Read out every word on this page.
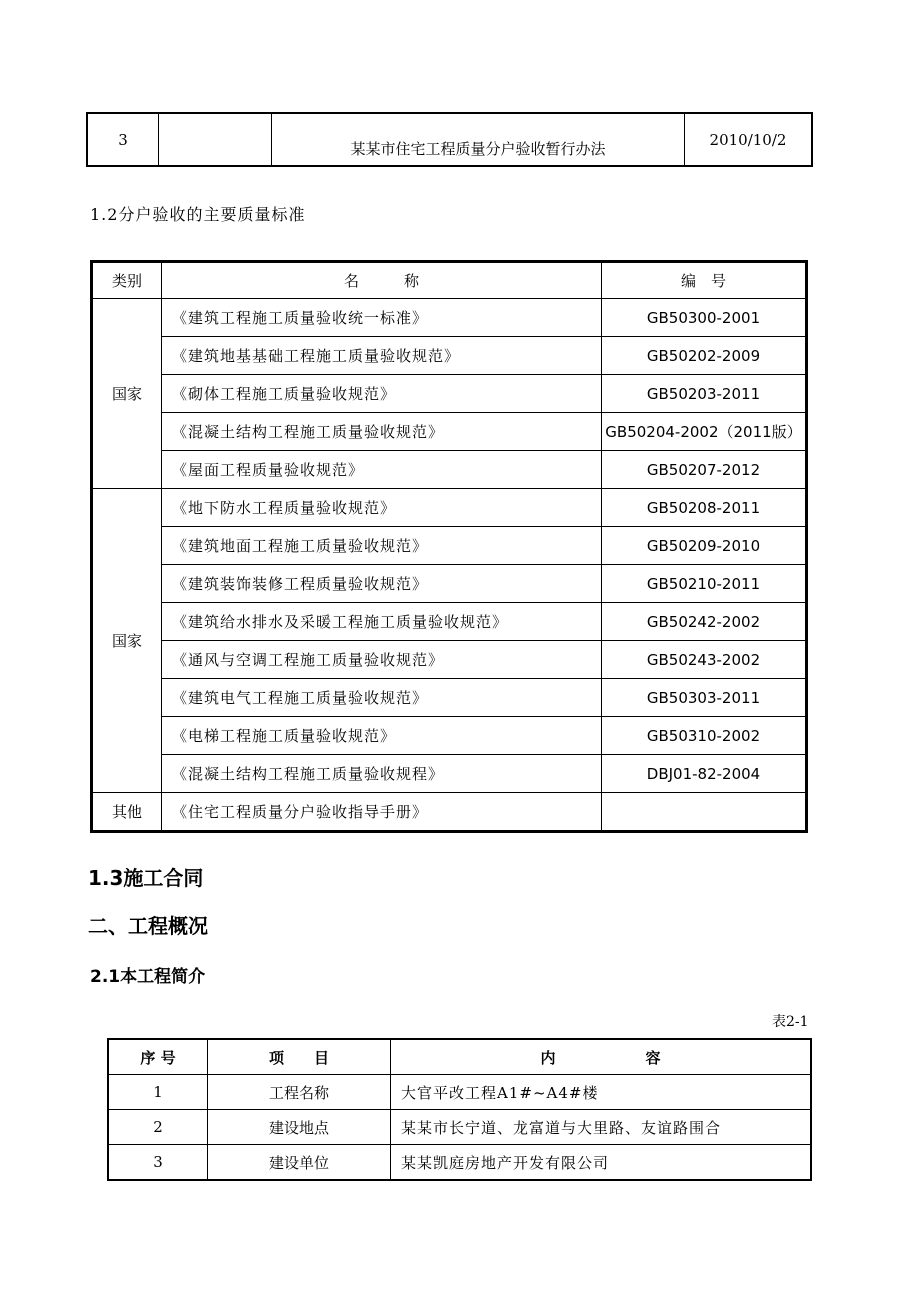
3		某某市住宅工程质量分户验收暂行办法	2010/10/2
1.2分户验收的主要质量标准
类别	名　　　称	编　号
国家	《建筑工程施工质量验收统一标准》	GB50300-2001
	《建筑地基基础工程施工质量验收规范》	GB50202-2009
	《砌体工程施工质量验收规范》	GB50203-2011
	《混凝土结构工程施工质量验收规范》	GB50204-2002（2011版）
	《屋面工程质量验收规范》	GB50207-2012
国家	《地下防水工程质量验收规范》	GB50208-2011
	《建筑地面工程施工质量验收规范》	GB50209-2010
	《建筑装饰装修工程质量验收规范》	GB50210-2011
	《建筑给水排水及采暖工程施工质量验收规范》	GB50242-2002
	《通风与空调工程施工质量验收规范》	GB50243-2002
	《建筑电气工程施工质量验收规范》	GB50303-2011
	《电梯工程施工质量验收规范》	GB50310-2002
	《混凝土结构工程施工质量验收规程》	DBJ01-82-2004
其他	《住宅工程质量分户验收指导手册》	
1.3施工合同
二、工程概况
2.1本工程简介
表2-1
序 号	项　　目	内　　　　　　容
1	工程名称	大官平改工程A1#~A4#楼
2	建设地点	某某市长宁道、龙富道与大里路、友谊路围合
3	建设单位	某某凯庭房地产开发有限公司
